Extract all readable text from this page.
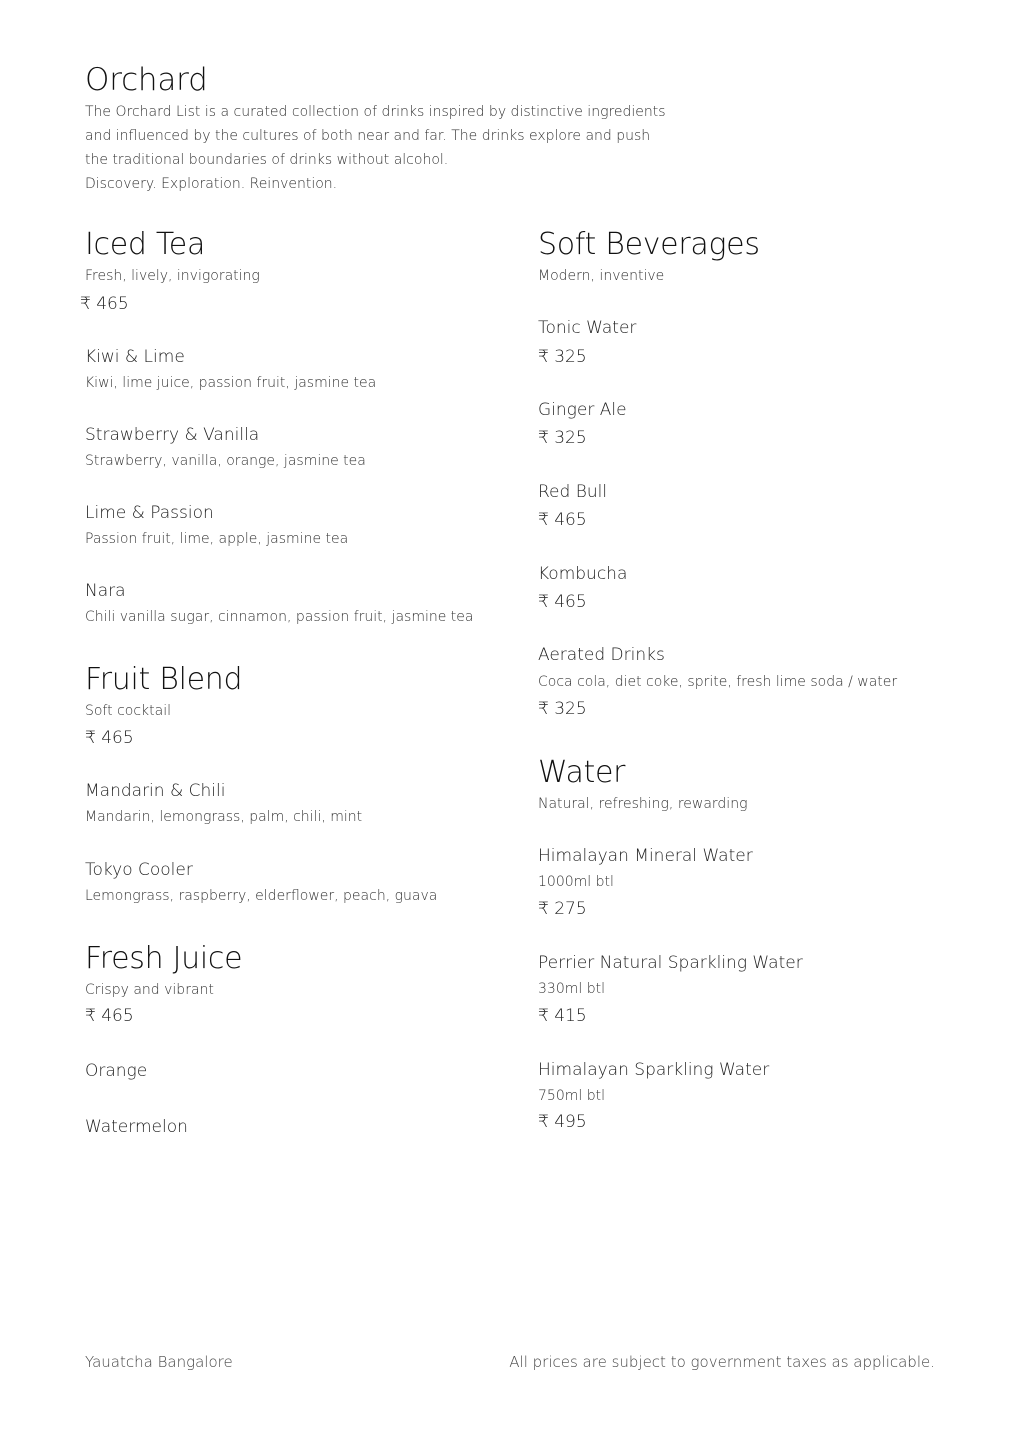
Orchard
The Orchard List is a curated collection of drinks inspired by distinctive ingredients
and influenced by the cultures of both near and far. The drinks explore and push
the traditional boundaries of drinks without alcohol.
Discovery. Exploration. Reinvention.
Iced Tea
Fresh, lively, invigorating
₹ 465
Kiwi & Lime
Kiwi, lime juice, passion fruit, jasmine tea
Strawberry & Vanilla
Strawberry, vanilla, orange, jasmine tea
Lime & Passion
Passion fruit, lime, apple, jasmine tea
Nara
Chili vanilla sugar, cinnamon, passion fruit, jasmine tea
Fruit Blend
Soft cocktail
₹ 465
Mandarin & Chili
Mandarin, lemongrass, palm, chili, mint
Tokyo Cooler
Lemongrass, raspberry, elderflower, peach, guava
Fresh Juice
Crispy and vibrant
₹ 465
Orange
Watermelon
Soft Beverages
Modern, inventive
Tonic Water
₹ 325
Ginger Ale
₹ 325
Red Bull
₹ 465
Kombucha
₹ 465
Aerated Drinks
Coca cola, diet coke, sprite, fresh lime soda / water
₹ 325
Water
Natural, refreshing, rewarding
Himalayan Mineral Water
1000ml btl
₹ 275
Perrier Natural Sparkling Water
330ml btl
₹ 415
Himalayan Sparkling Water
750ml btl
₹ 495
Yauatcha Bangalore	All prices are subject to government taxes as applicable.
